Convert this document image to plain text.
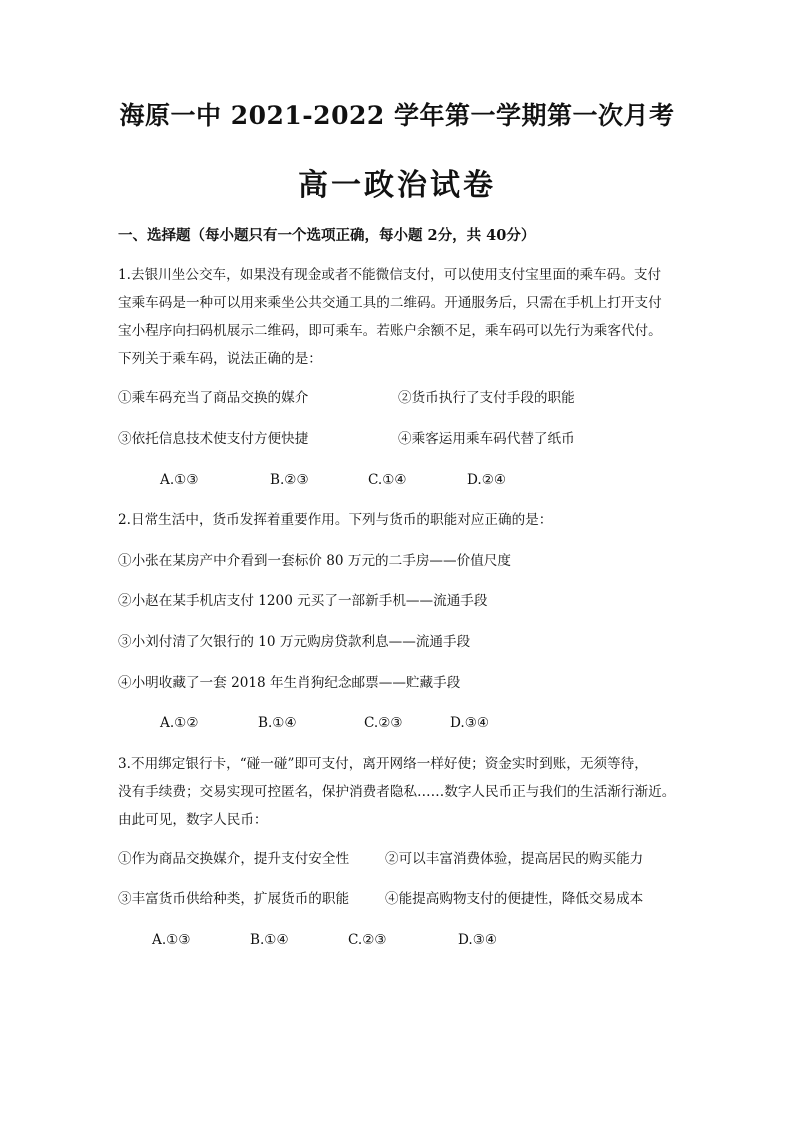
海原一中 2021-2022 学年第一学期第一次月考
高一政治试卷
一、选择题（每小题只有一个选项正确，每小题 2分，共 40分）
1.去银川坐公交车，如果没有现金或者不能微信支付，可以使用支付宝里面的乘车码。支付
宝乘车码是一种可以用来乘坐公共交通工具的二维码。开通服务后，只需在手机上打开支付
宝小程序向扫码机展示二维码，即可乘车。若账户余额不足，乘车码可以先行为乘客代付。
下列关于乘车码，说法正确的是：
①乘车码充当了商品交换的媒介	②货币执行了支付手段的职能
③依托信息技术使支付方便快捷	④乘客运用乘车码代替了纸币
A.①③	B.②③	C.①④	D.②④
2.日常生活中，货币发挥着重要作用。下列与货币的职能对应正确的是：
①小张在某房产中介看到一套标价 80 万元的二手房——价值尺度
②小赵在某手机店支付 1200 元买了一部新手机——流通手段
③小刘付清了欠银行的 10 万元购房贷款利息——流通手段
④小明收藏了一套 2018 年生肖狗纪念邮票——贮藏手段
A.①②	B.①④	C.②③	D.③④
3.不用绑定银行卡，“碰一碰”即可支付，离开网络一样好使；资金实时到账，无须等待，
没有手续费；交易实现可控匿名，保护消费者隐私……数字人民币正与我们的生活渐行渐近。
由此可见，数字人民币：
①作为商品交换媒介，提升支付安全性	②可以丰富消费体验，提高居民的购买能力
③丰富货币供给种类，扩展货币的职能	④能提高购物支付的便捷性，降低交易成本
A.①③	B.①④	C.②③	D.③④
